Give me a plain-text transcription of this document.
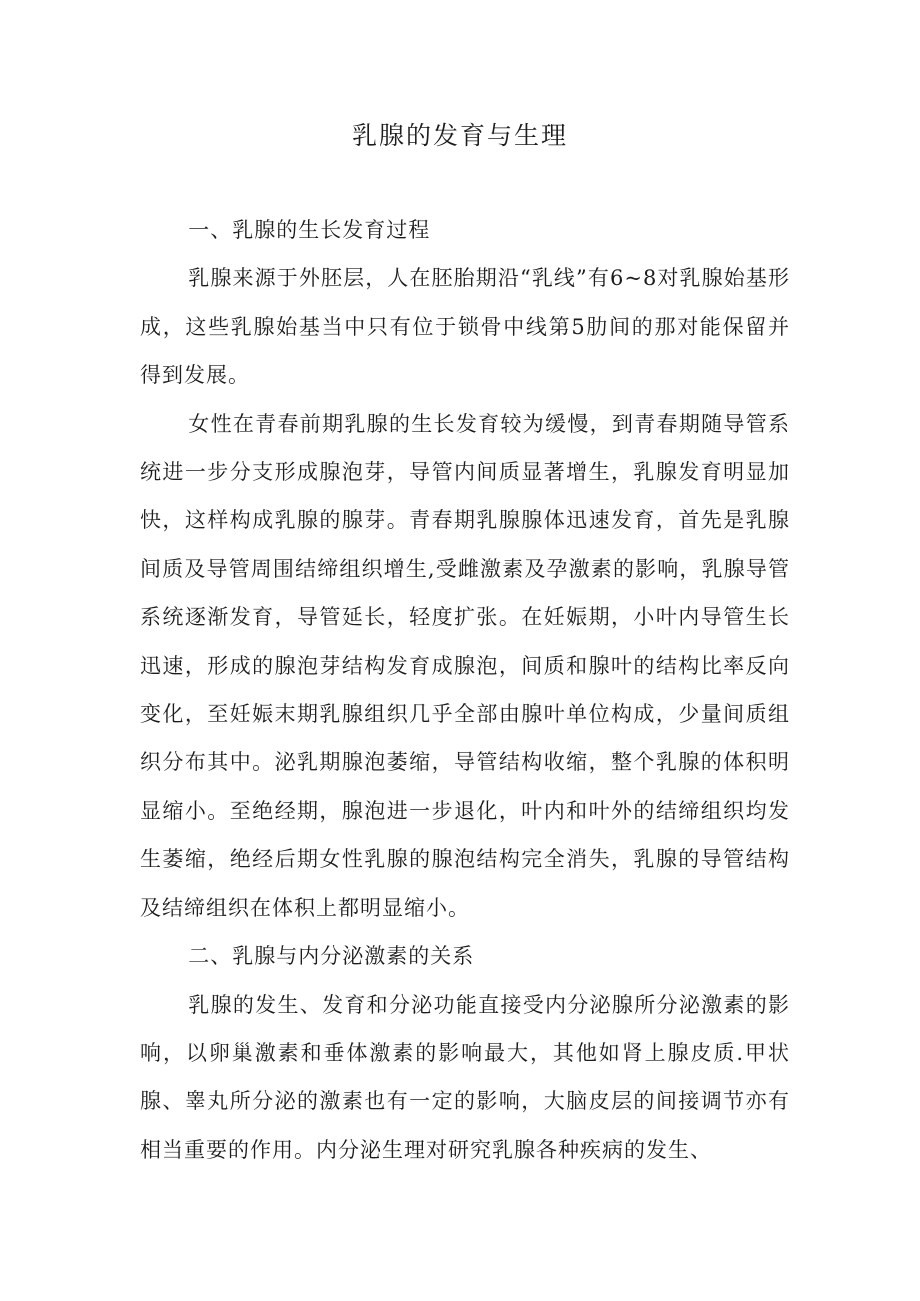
乳腺的发育与生理

一、乳腺的生长发育过程

乳腺来源于外胚层，人在胚胎期沿“乳线”有6~8对乳腺始基形成，这些乳腺始基当中只有位于锁骨中线第5肋间的那对能保留并得到发展。

女性在青春前期乳腺的生长发育较为缓慢，到青春期随导管系统进一步分支形成腺泡芽，导管内间质显著增生，乳腺发育明显加快，这样构成乳腺的腺芽。青春期乳腺腺体迅速发育，首先是乳腺间质及导管周围结缔组织增生,受雌激素及孕激素的影响，乳腺导管系统逐渐发育，导管延长，轻度扩张。在妊娠期，小叶内导管生长迅速，形成的腺泡芽结构发育成腺泡，间质和腺叶的结构比率反向变化，至妊娠末期乳腺组织几乎全部由腺叶单位构成，少量间质组织分布其中。泌乳期腺泡萎缩，导管结构收缩，整个乳腺的体积明显缩小。至绝经期，腺泡进一步退化，叶内和叶外的结缔组织均发生萎缩，绝经后期女性乳腺的腺泡结构完全消失，乳腺的导管结构及结缔组织在体积上都明显缩小。

二、乳腺与内分泌激素的关系

乳腺的发生、发育和分泌功能直接受内分泌腺所分泌激素的影响，以卵巢激素和垂体激素的影响最大，其他如肾上腺皮质.甲状腺、睾丸所分泌的激素也有一定的影响，大脑皮层的间接调节亦有相当重要的作用。内分泌生理对研究乳腺各种疾病的发生、
